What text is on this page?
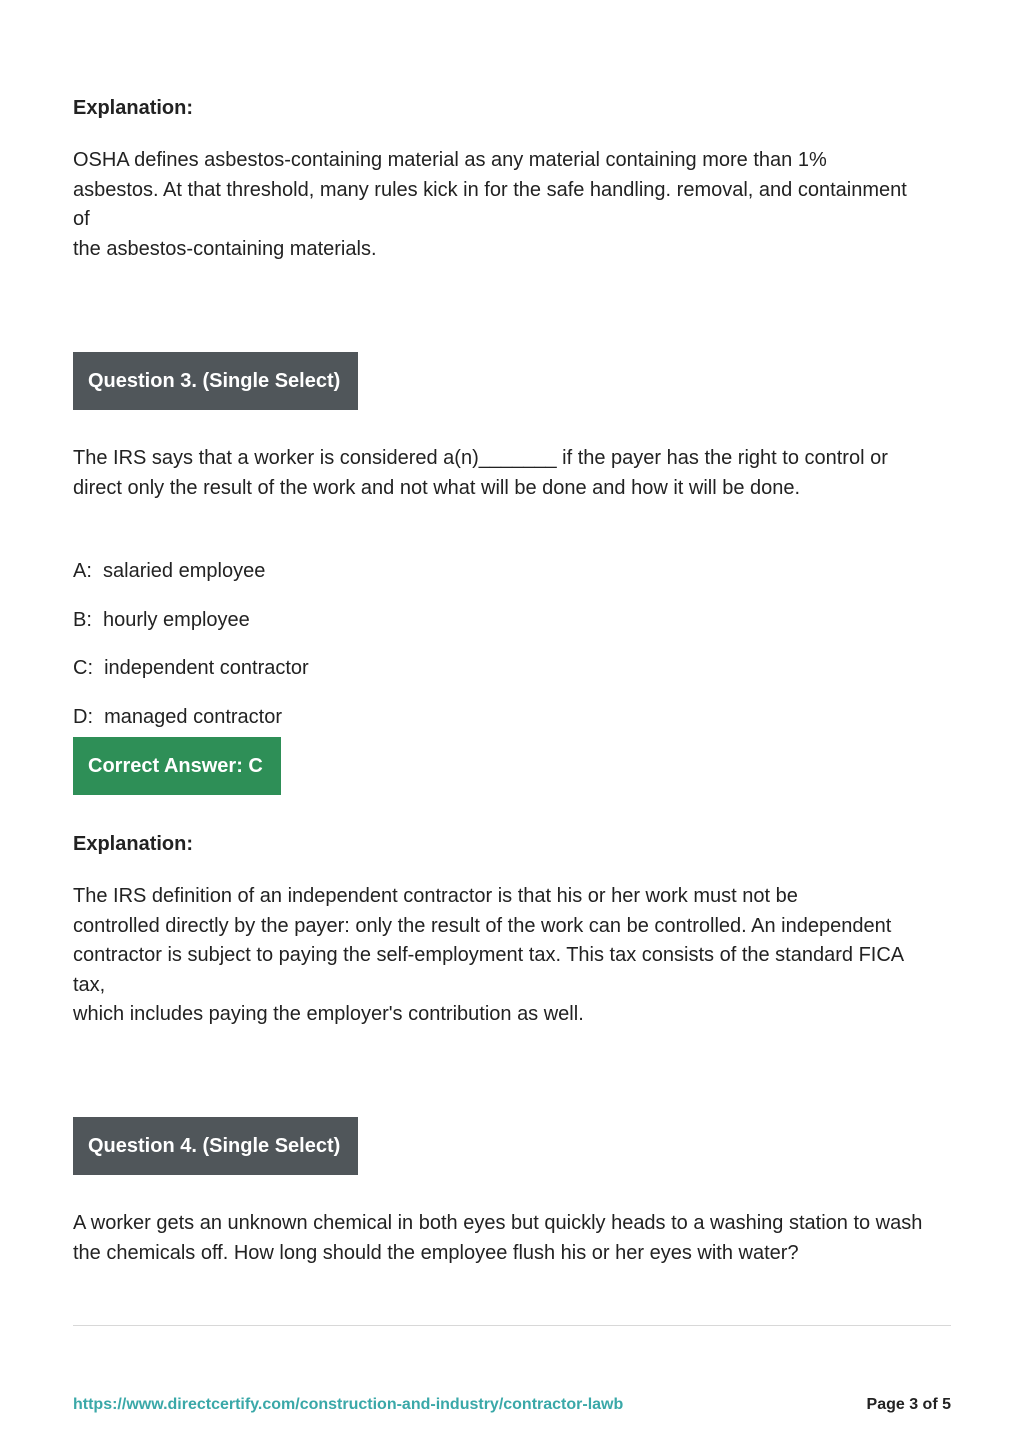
Explanation:
OSHA defines asbestos-containing material as any material containing more than 1%
asbestos. At that threshold, many rules kick in for the safe handling. removal, and containment
of
the asbestos-containing materials.
Question 3. (Single Select)
The IRS says that a worker is considered a(n)_______ if the payer has the right to control or
direct only the result of the work and not what will be done and how it will be done.
A:  salaried employee
B:  hourly employee
C:  independent contractor
D:  managed contractor
Correct Answer: C
Explanation:
The IRS definition of an independent contractor is that his or her work must not be
controlled directly by the payer: only the result of the work can be controlled. An independent
contractor is subject to paying the self-employment tax. This tax consists of the standard FICA
tax,
which includes paying the employer's contribution as well.
Question 4. (Single Select)
A worker gets an unknown chemical in both eyes but quickly heads to a washing station to wash
the chemicals off. How long should the employee flush his or her eyes with water?
https://www.directcertify.com/construction-and-industry/contractor-lawb	Page 3 of 5
